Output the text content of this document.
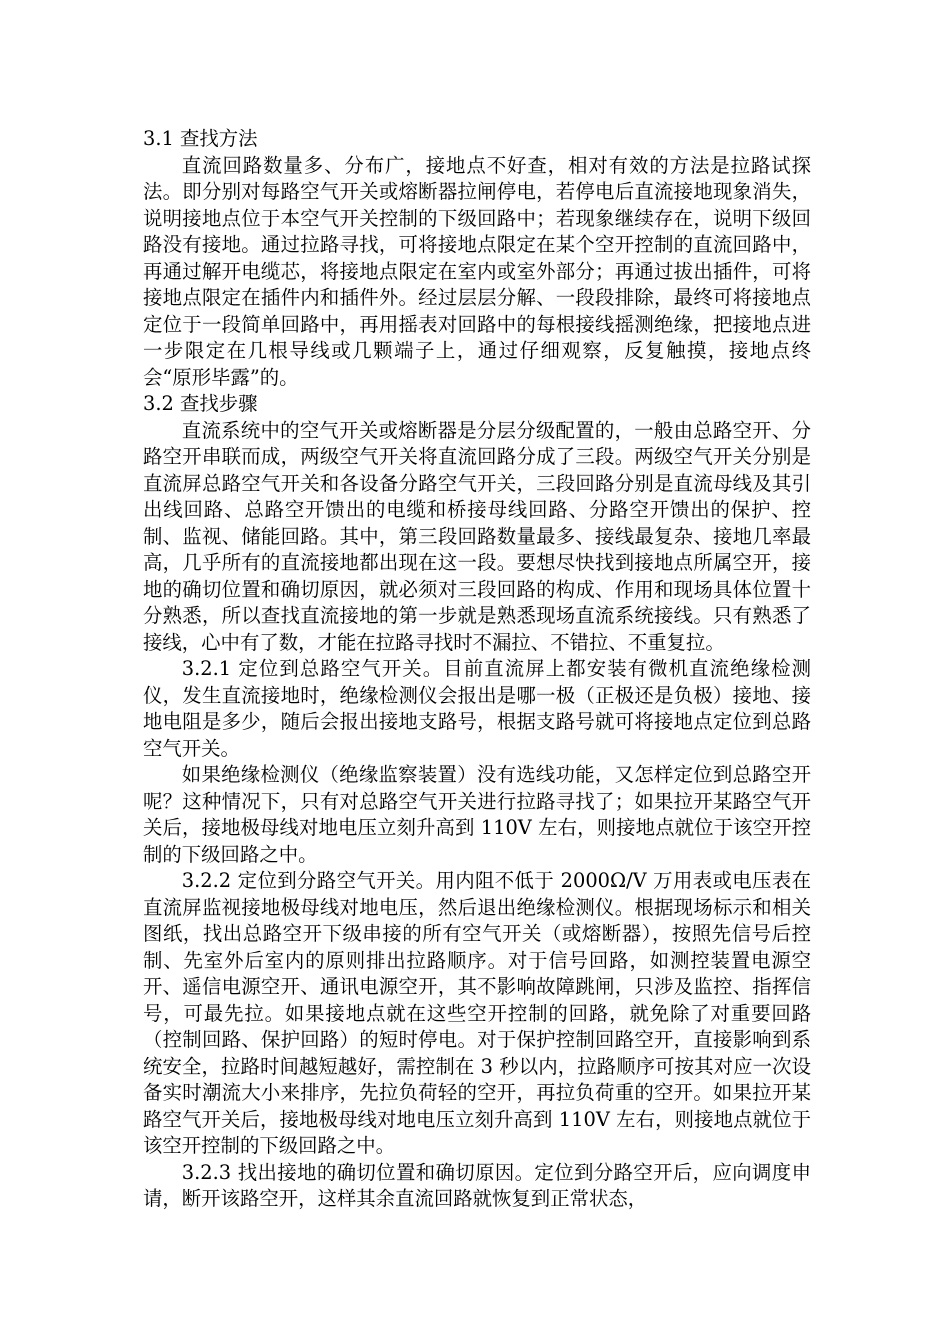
3.1 查找方法

直流回路数量多、分布广，接地点不好查，相对有效的方法是拉路试探法。即分别对每路空气开关或熔断器拉闸停电，若停电后直流接地现象消失，说明接地点位于本空气开关控制的下级回路中；若现象继续存在，说明下级回路没有接地。通过拉路寻找，可将接地点限定在某个空开控制的直流回路中，再通过解开电缆芯，将接地点限定在室内或室外部分；再通过拔出插件，可将接地点限定在插件内和插件外。经过层层分解、一段段排除，最终可将接地点定位于一段简单回路中，再用摇表对回路中的每根接线摇测绝缘，把接地点进一步限定在几根导线或几颗端子上，通过仔细观察，反复触摸，接地点终会“原形毕露”的。

3.2 查找步骤

直流系统中的空气开关或熔断器是分层分级配置的，一般由总路空开、分路空开串联而成，两级空气开关将直流回路分成了三段。两级空气开关分别是直流屏总路空气开关和各设备分路空气开关，三段回路分别是直流母线及其引出线回路、总路空开馈出的电缆和桥接母线回路、分路空开馈出的保护、控制、监视、储能回路。其中，第三段回路数量最多、接线最复杂、接地几率最高，几乎所有的直流接地都出现在这一段。要想尽快找到接地点所属空开，接地的确切位置和确切原因，就必须对三段回路的构成、作用和现场具体位置十分熟悉，所以查找直流接地的第一步就是熟悉现场直流系统接线。只有熟悉了接线，心中有了数，才能在拉路寻找时不漏拉、不错拉、不重复拉。

3.2.1 定位到总路空气开关。目前直流屏上都安装有微机直流绝缘检测仪，发生直流接地时，绝缘检测仪会报出是哪一极（正极还是负极）接地、接地电阻是多少，随后会报出接地支路号，根据支路号就可将接地点定位到总路空气开关。

如果绝缘检测仪（绝缘监察装置）没有选线功能，又怎样定位到总路空开呢？这种情况下，只有对总路空气开关进行拉路寻找了；如果拉开某路空气开关后，接地极母线对地电压立刻升高到 110V 左右，则接地点就位于该空开控制的下级回路之中。

3.2.2 定位到分路空气开关。用内阻不低于 2000Ω/V 万用表或电压表在直流屏监视接地极母线对地电压，然后退出绝缘检测仪。根据现场标示和相关图纸，找出总路空开下级串接的所有空气开关（或熔断器），按照先信号后控制、先室外后室内的原则排出拉路顺序。对于信号回路，如测控装置电源空开、遥信电源空开、通讯电源空开，其不影响故障跳闸，只涉及监控、指挥信号，可最先拉。如果接地点就在这些空开控制的回路，就免除了对重要回路（控制回路、保护回路）的短时停电。对于保护控制回路空开，直接影响到系统安全，拉路时间越短越好，需控制在 3 秒以内，拉路顺序可按其对应一次设备实时潮流大小来排序，先拉负荷轻的空开，再拉负荷重的空开。如果拉开某路空气开关后，接地极母线对地电压立刻升高到 110V 左右，则接地点就位于该空开控制的下级回路之中。

3.2.3 找出接地的确切位置和确切原因。定位到分路空开后，应向调度申请，断开该路空开，这样其余直流回路就恢复到正常状态，
